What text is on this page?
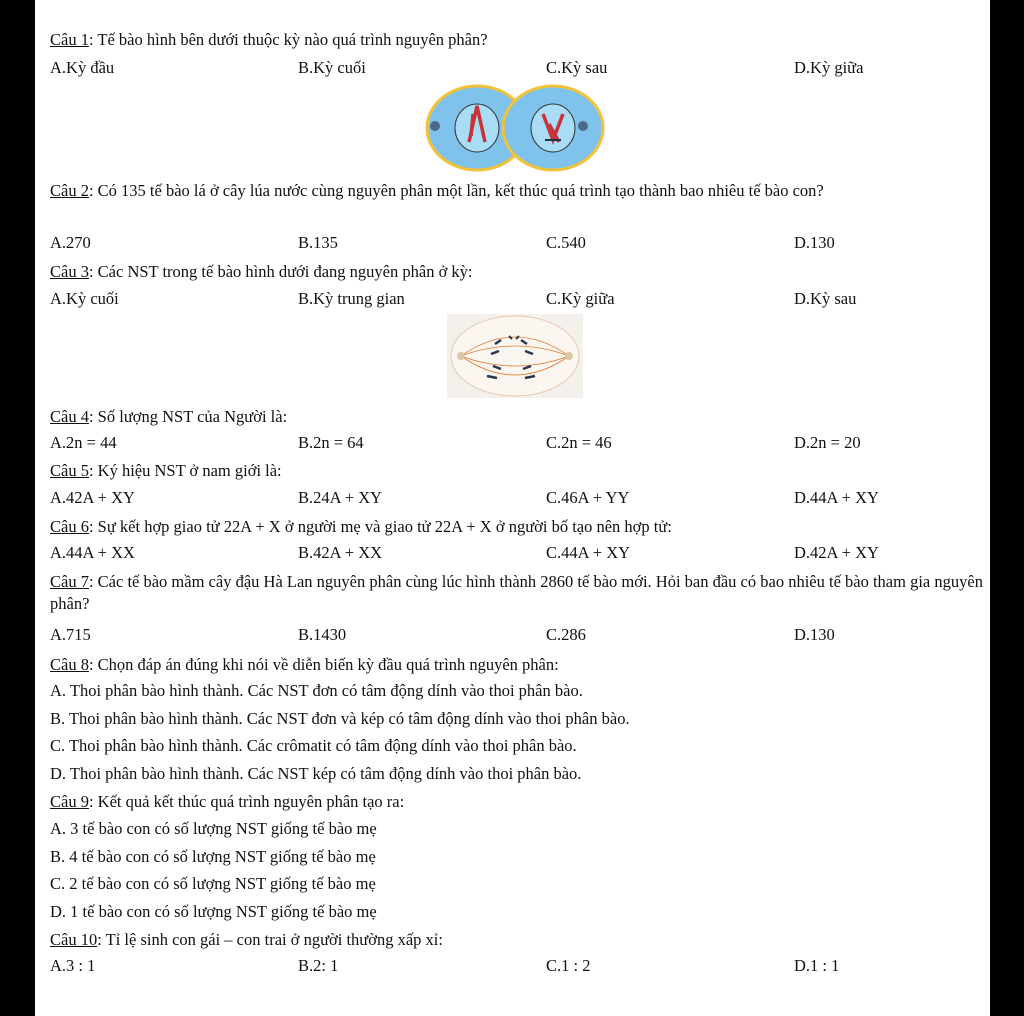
Câu 1: Tế bào hình bên dưới thuộc kỳ nào quá trình nguyên phân?
A.Kỳ đầu	B.Kỳ cuối	C.Kỳ sau	D.Kỳ giữa
Câu 2: Có 135 tế bào lá ở cây lúa nước cùng nguyên phân một lần, kết thúc quá trình tạo thành bao nhiêu tế bào con?
A.270	B.135	C.540	D.130
Câu 3: Các NST trong tế bào hình dưới đang nguyên phân ở kỳ:
A.Kỳ cuối	B.Kỳ trung gian	C.Kỳ giữa	D.Kỳ sau
Câu 4: Số lượng NST của Người là:
A.2n = 44	B.2n = 64	C.2n = 46	D.2n = 20
Câu 5: Ký hiệu NST ở nam giới là:
A.42A + XY	B.24A + XY	C.46A + YY	D.44A + XY
Câu 6: Sự kết hợp giao tử 22A + X ở người mẹ và giao tử 22A + X ở người bố tạo nên hợp tử:
A.44A + XX	B.42A + XX	C.44A + XY	D.42A + XY
Câu 7: Các tế bào mầm cây đậu Hà Lan nguyên phân cùng lúc hình thành 2860 tế bào mới. Hỏi ban đầu có bao nhiêu tế bào tham gia nguyên phân?
A.715	B.1430	C.286	D.130
Câu 8: Chọn đáp án đúng khi nói về diễn biến kỳ đầu quá trình nguyên phân:
A. Thoi phân bào hình thành. Các NST đơn có tâm động dính vào thoi phân bào.
B. Thoi phân bào hình thành. Các NST đơn và kép có tâm động dính vào thoi phân bào.
C. Thoi phân bào hình thành. Các crômatit có tâm động dính vào thoi phân bào.
D. Thoi phân bào hình thành. Các NST kép có tâm động dính vào thoi phân bào.
Câu 9: Kết quả kết thúc quá trình nguyên phân tạo ra:
A. 3 tế bào con có số lượng NST giống tế bào mẹ
B. 4 tế bào con có số lượng NST giống tế bào mẹ
C. 2 tế bào con có số lượng NST giống tế bào mẹ
D. 1 tế bào con có số lượng NST giống tế bào mẹ
Câu 10: Tỉ lệ sinh con gái – con trai ở người thường xấp xỉ:
A.3 : 1	B.2: 1	C.1 : 2	D.1 : 1
